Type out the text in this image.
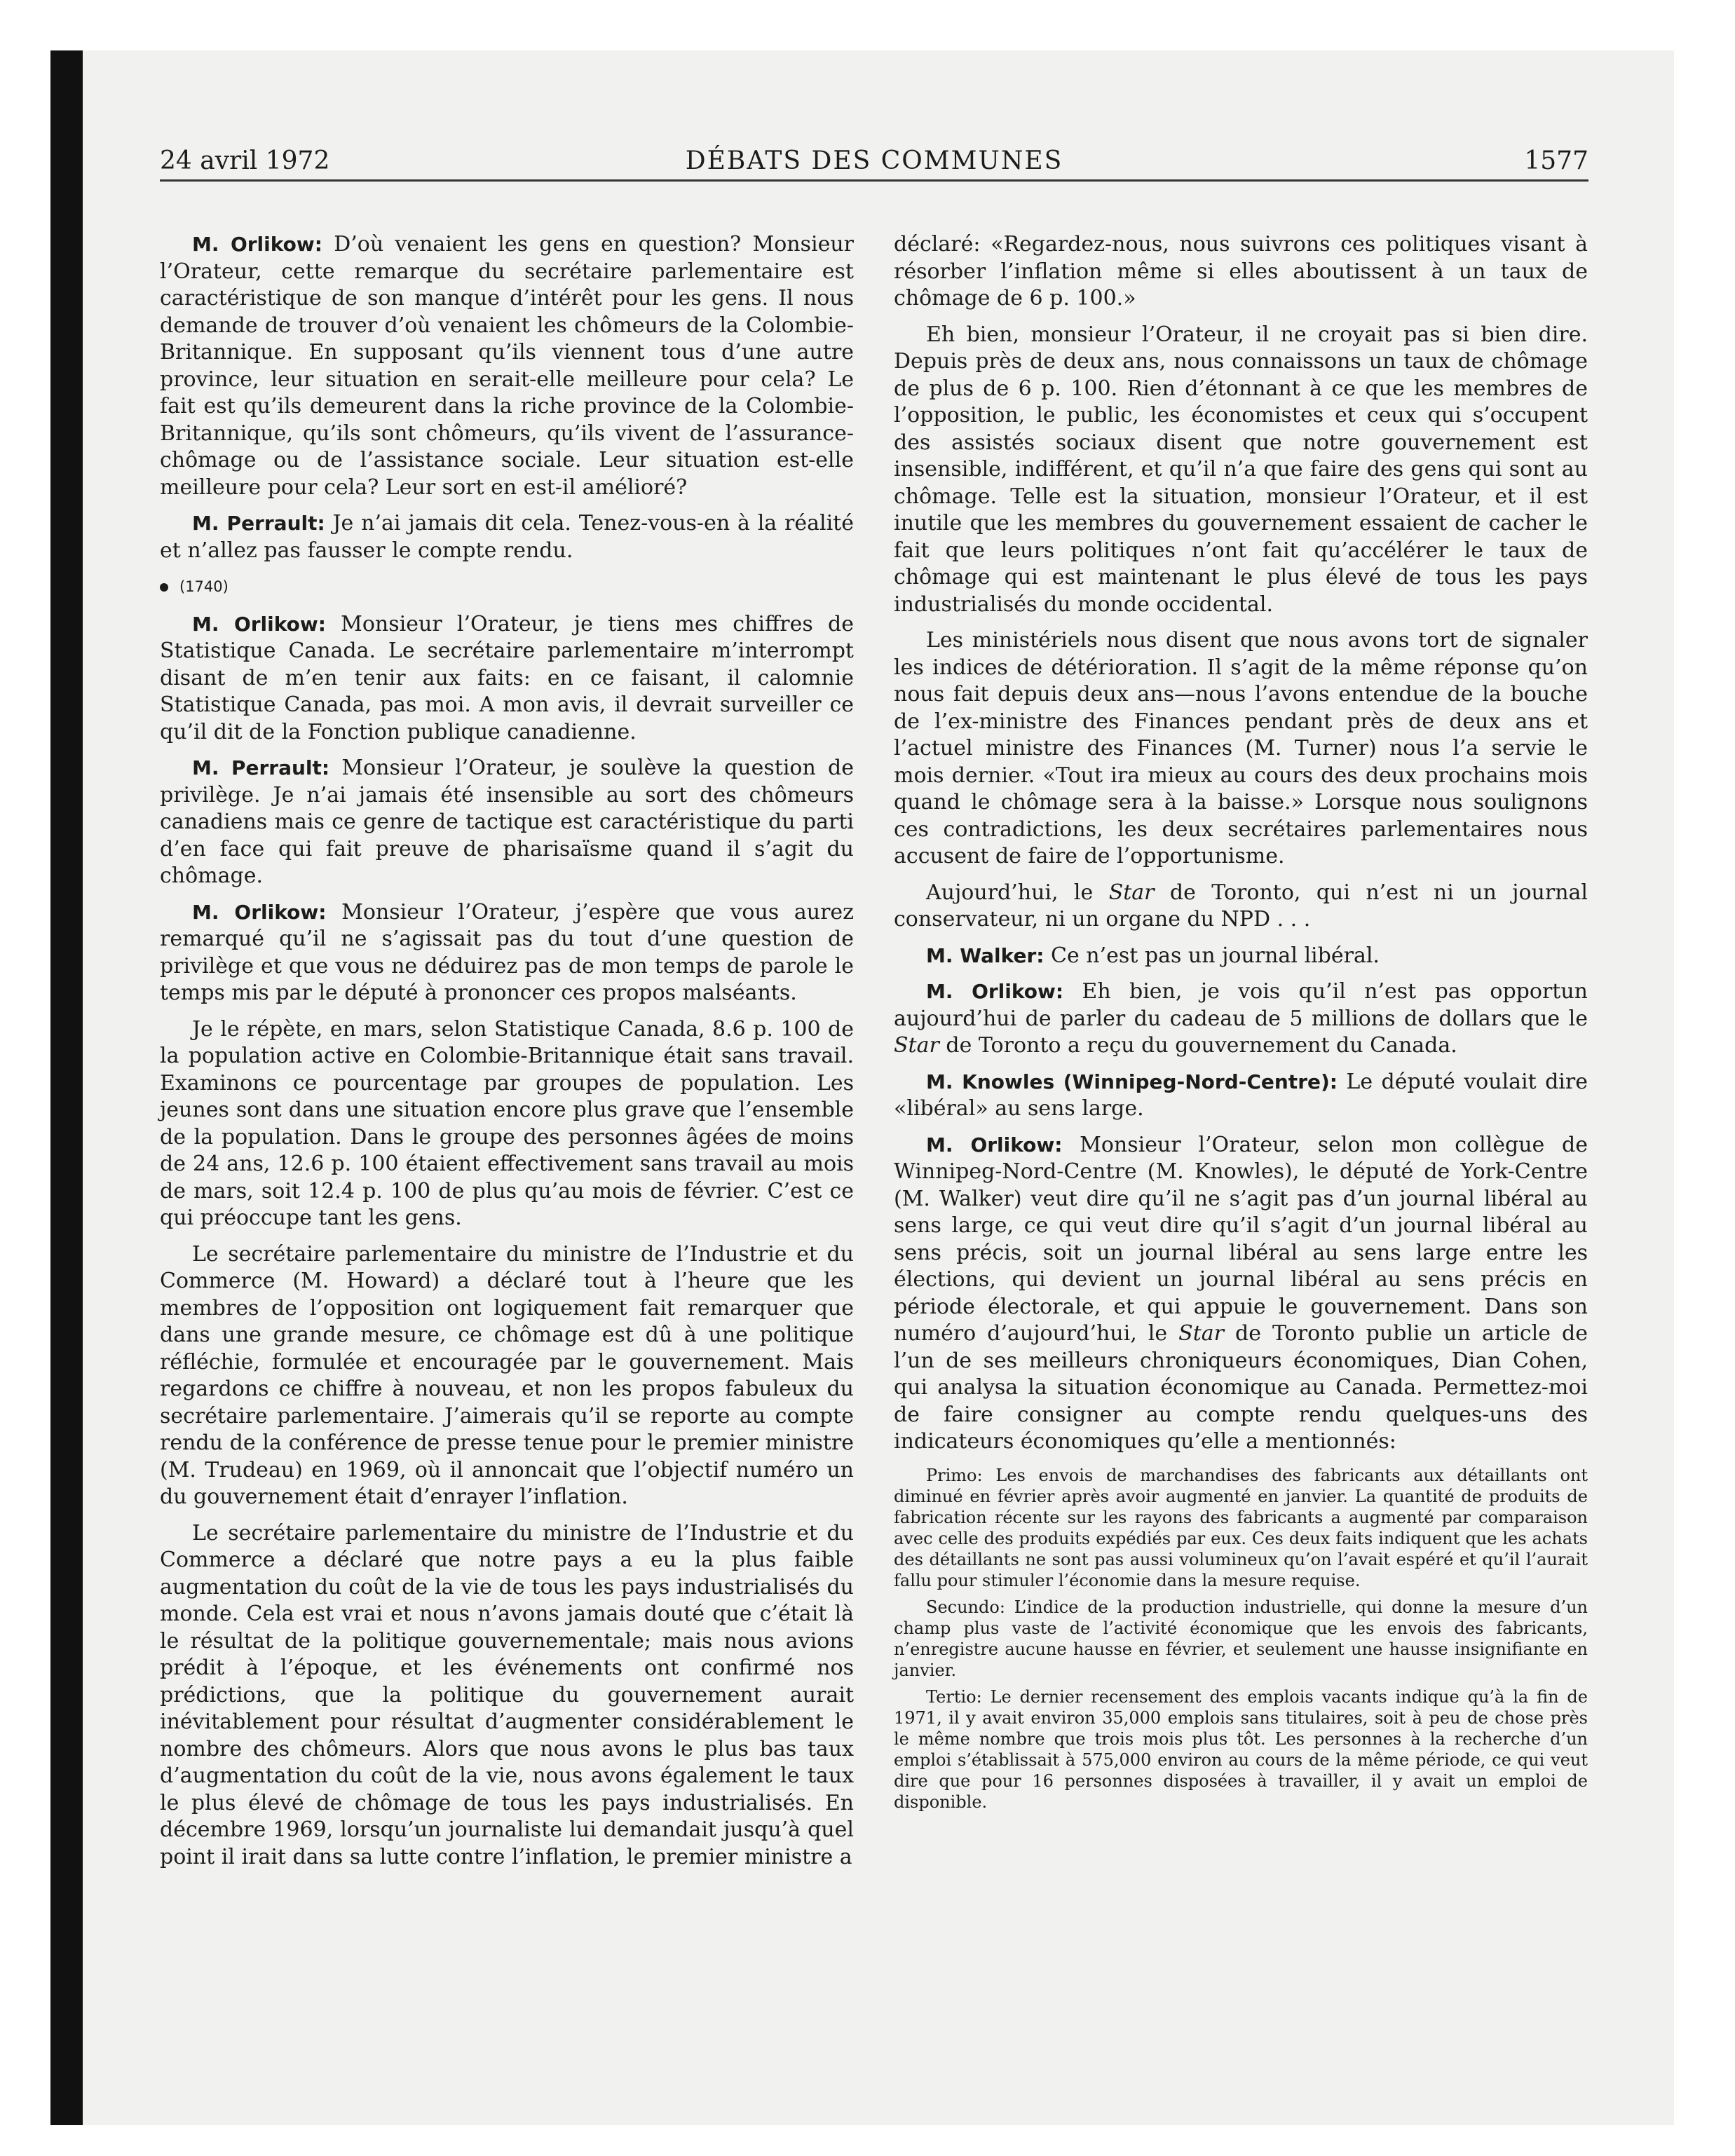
24 avril 1972	DÉBATS DES COMMUNES	1577

M. Orlikow: D’où venaient les gens en question? Monsieur l’Orateur, cette remarque du secrétaire parlementaire est caractéristique de son manque d’intérêt pour les gens. Il nous demande de trouver d’où venaient les chômeurs de la Colombie-Britannique. En supposant qu’ils viennent tous d’une autre province, leur situation en serait-elle meilleure pour cela? Le fait est qu’ils demeurent dans la riche province de la Colombie-Britannique, qu’ils sont chômeurs, qu’ils vivent de l’assurance-chômage ou de l’assistance sociale. Leur situation est-elle meilleure pour cela? Leur sort en est-il amélioré?

M. Perrault: Je n’ai jamais dit cela. Tenez-vous-en à la réalité et n’allez pas fausser le compte rendu.

(1740)

M. Orlikow: Monsieur l’Orateur, je tiens mes chiffres de Statistique Canada. Le secrétaire parlementaire m’interrompt disant de m’en tenir aux faits: en ce faisant, il calomnie Statistique Canada, pas moi. A mon avis, il devrait surveiller ce qu’il dit de la Fonction publique canadienne.

M. Perrault: Monsieur l’Orateur, je soulève la question de privilège. Je n’ai jamais été insensible au sort des chômeurs canadiens mais ce genre de tactique est caractéristique du parti d’en face qui fait preuve de pharisaïsme quand il s’agit du chômage.

M. Orlikow: Monsieur l’Orateur, j’espère que vous aurez remarqué qu’il ne s’agissait pas du tout d’une question de privilège et que vous ne déduirez pas de mon temps de parole le temps mis par le député à prononcer ces propos malséants.

Je le répète, en mars, selon Statistique Canada, 8.6 p. 100 de la population active en Colombie-Britannique était sans travail. Examinons ce pourcentage par groupes de population. Les jeunes sont dans une situation encore plus grave que l’ensemble de la population. Dans le groupe des personnes âgées de moins de 24 ans, 12.6 p. 100 étaient effectivement sans travail au mois de mars, soit 12.4 p. 100 de plus qu’au mois de février. C’est ce qui préoccupe tant les gens.

Le secrétaire parlementaire du ministre de l’Industrie et du Commerce (M. Howard) a déclaré tout à l’heure que les membres de l’opposition ont logiquement fait remarquer que dans une grande mesure, ce chômage est dû à une politique réfléchie, formulée et encouragée par le gouvernement. Mais regardons ce chiffre à nouveau, et non les propos fabuleux du secrétaire parlementaire. J’aimerais qu’il se reporte au compte rendu de la conférence de presse tenue pour le premier ministre (M. Trudeau) en 1969, où il annoncait que l’objectif numéro un du gouvernement était d’enrayer l’inflation.

Le secrétaire parlementaire du ministre de l’Industrie et du Commerce a déclaré que notre pays a eu la plus faible augmentation du coût de la vie de tous les pays industrialisés du monde. Cela est vrai et nous n’avons jamais douté que c’était là le résultat de la politique gouvernementale; mais nous avions prédit à l’époque, et les événements ont confirmé nos prédictions, que la politique du gouvernement aurait inévitablement pour résultat d’augmenter considérablement le nombre des chômeurs. Alors que nous avons le plus bas taux d’augmentation du coût de la vie, nous avons également le taux le plus élevé de chômage de tous les pays industrialisés. En décembre 1969, lorsqu’un journaliste lui demandait jusqu’à quel point il irait dans sa lutte contre l’inflation, le premier ministre a

déclaré: «Regardez-nous, nous suivrons ces politiques visant à résorber l’inflation même si elles aboutissent à un taux de chômage de 6 p. 100.»

Eh bien, monsieur l’Orateur, il ne croyait pas si bien dire. Depuis près de deux ans, nous connaissons un taux de chômage de plus de 6 p. 100. Rien d’étonnant à ce que les membres de l’opposition, le public, les économistes et ceux qui s’occupent des assistés sociaux disent que notre gouvernement est insensible, indifférent, et qu’il n’a que faire des gens qui sont au chômage. Telle est la situation, monsieur l’Orateur, et il est inutile que les membres du gouvernement essaient de cacher le fait que leurs politiques n’ont fait qu’accélérer le taux de chômage qui est maintenant le plus élevé de tous les pays industrialisés du monde occidental.

Les ministériels nous disent que nous avons tort de signaler les indices de détérioration. Il s’agit de la même réponse qu’on nous fait depuis deux ans—nous l’avons entendue de la bouche de l’ex-ministre des Finances pendant près de deux ans et l’actuel ministre des Finances (M. Turner) nous l’a servie le mois dernier. «Tout ira mieux au cours des deux prochains mois quand le chômage sera à la baisse.» Lorsque nous soulignons ces contradictions, les deux secrétaires parlementaires nous accusent de faire de l’opportunisme.

Aujourd’hui, le Star de Toronto, qui n’est ni un journal conservateur, ni un organe du NPD . . .

M. Walker: Ce n’est pas un journal libéral.

M. Orlikow: Eh bien, je vois qu’il n’est pas opportun aujourd’hui de parler du cadeau de 5 millions de dollars que le Star de Toronto a reçu du gouvernement du Canada.

M. Knowles (Winnipeg-Nord-Centre): Le député voulait dire «libéral» au sens large.

M. Orlikow: Monsieur l’Orateur, selon mon collègue de Winnipeg-Nord-Centre (M. Knowles), le député de York-Centre (M. Walker) veut dire qu’il ne s’agit pas d’un journal libéral au sens large, ce qui veut dire qu’il s’agit d’un journal libéral au sens précis, soit un journal libéral au sens large entre les élections, qui devient un journal libéral au sens précis en période électorale, et qui appuie le gouvernement. Dans son numéro d’aujourd’hui, le Star de Toronto publie un article de l’un de ses meilleurs chroniqueurs économiques, Dian Cohen, qui analysa la situation économique au Canada. Permettez-moi de faire consigner au compte rendu quelques-uns des indicateurs économiques qu’elle a mentionnés:

Primo: Les envois de marchandises des fabricants aux détaillants ont diminué en février après avoir augmenté en janvier. La quantité de produits de fabrication récente sur les rayons des fabricants a augmenté par comparaison avec celle des produits expédiés par eux. Ces deux faits indiquent que les achats des détaillants ne sont pas aussi volumineux qu’on l’avait espéré et qu’il l’aurait fallu pour stimuler l’économie dans la mesure requise.

Secundo: L’indice de la production industrielle, qui donne la mesure d’un champ plus vaste de l’activité économique que les envois des fabricants, n’enregistre aucune hausse en février, et seulement une hausse insignifiante en janvier.

Tertio: Le dernier recensement des emplois vacants indique qu’à la fin de 1971, il y avait environ 35,000 emplois sans titulaires, soit à peu de chose près le même nombre que trois mois plus tôt. Les personnes à la recherche d’un emploi s’établissait à 575,000 environ au cours de la même période, ce qui veut dire que pour 16 personnes disposées à travailler, il y avait un emploi de disponible.
